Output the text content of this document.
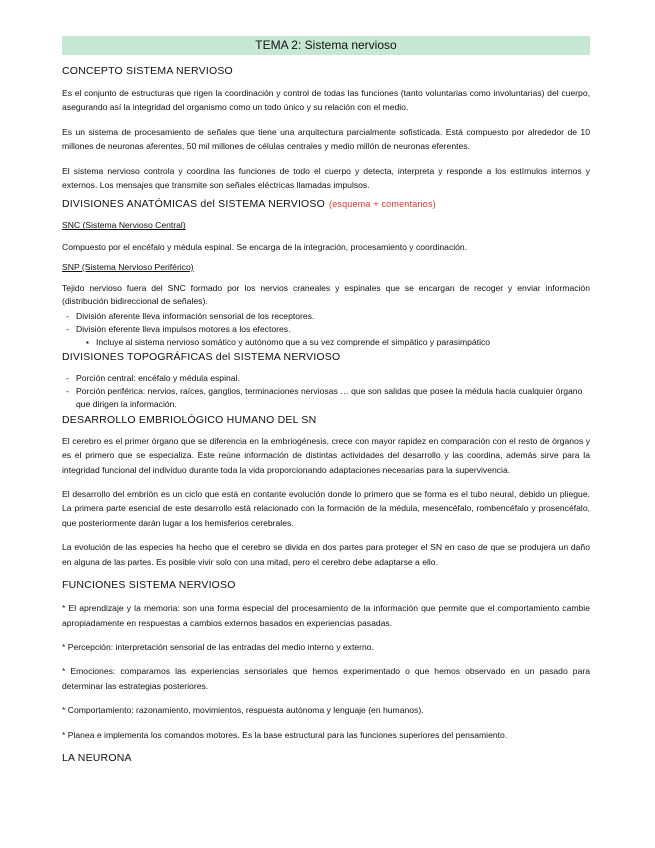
TEMA 2: Sistema nervioso
CONCEPTO SISTEMA NERVIOSO

Es el conjunto de estructuras que rigen la coordinación y control de todas las funciones (tanto voluntarias como involuntarias) del cuerpo, asegurando así la integridad del organismo como un todo único y su relación con el medio.

Es un sistema de procesamiento de señales que tiene una arquitectura parcialmente sofisticada. Está compuesto por alrededor de 10 millones de neuronas aferentes, 50 mil millones de células centrales y medio millón de neuronas eferentes.

El sistema nervioso controla y coordina las funciones de todo el cuerpo y detecta, interpreta y responde a los estímulos internos y externos. Los mensajes que transmite son señales eléctricas llamadas impulsos.

DIVISIONES ANATÓMICAS del SISTEMA NERVIOSO (esquema + comentarios)
SNC (Sistema Nervioso Central)

Compuesto por el encéfalo y médula espinal. Se encarga de la integración, procesamiento y coordinación.

SNP (Sistema Nervioso Periférico)

Tejido nervioso fuera del SNC formado por los nervios craneales y espinales que se encargan de recoger y enviar información (distribución bidireccional de señales).

- División aferente lleva información sensorial de los receptores.
- División eferente lleva impulsos motores a los efectores.
▪ Incluye al sistema nervioso somático y autónomo que a su vez comprende el simpático y parasimpático
DIVISIONES TOPOGRÁFICAS del SISTEMA NERVIOSO
- Porción central: encéfalo y médula espinal.
- Porción periférica: nervios, raíces, ganglios, terminaciones nerviosas … que son salidas que posee la médula hacia cualquier órgano que dirigen la información.
DESARROLLO EMBRIOLÓGICO HUMANO DEL SN

El cerebro es el primer órgano que se diferencia en la embriogénesis, crece con mayor rapidez en comparación con el resto de órganos y es el primero que se especializa. Este reúne información de distintas actividades del desarrollo y las coordina, además sirve para la integridad funcional del individuo durante toda la vida proporcionando adaptaciones necesarias para la supervivencia.

El desarrollo del embrión es un ciclo que está en contante evolución donde lo primero que se forma es el tubo neural, debido un pliegue. La primera parte esencial de este desarrollo está relacionado con la formación de la médula, mesencéfalo, rombencéfalo y prosencéfalo, que posteriormente darán lugar a los hemisferios cerebrales.

La evolución de las especies ha hecho que el cerebro se divida en dos partes para proteger el SN en caso de que se produjera un daño en alguna de las partes. Es posible vivir solo con una mitad, pero el cerebro debe adaptarse a ello.

FUNCIONES SISTEMA NERVIOSO

* El aprendizaje y la memoria: son una forma especial del procesamiento de la información que permite que el comportamiento cambie apropiadamente en respuestas a cambios externos basados en experiencias pasadas.

* Percepción: interpretación sensorial de las entradas del medio interno y externo.

* Emociones: comparamos las experiencias sensoriales que hemos experimentado o que hemos observado en un pasado para determinar las estrategias posteriores.

* Comportamiento: razonamiento, movimientos, respuesta autónoma y lenguaje (en humanos).

* Planea e implementa los comandos motores. Es la base estructural para las funciones superiores del pensamiento.

LA NEURONA
